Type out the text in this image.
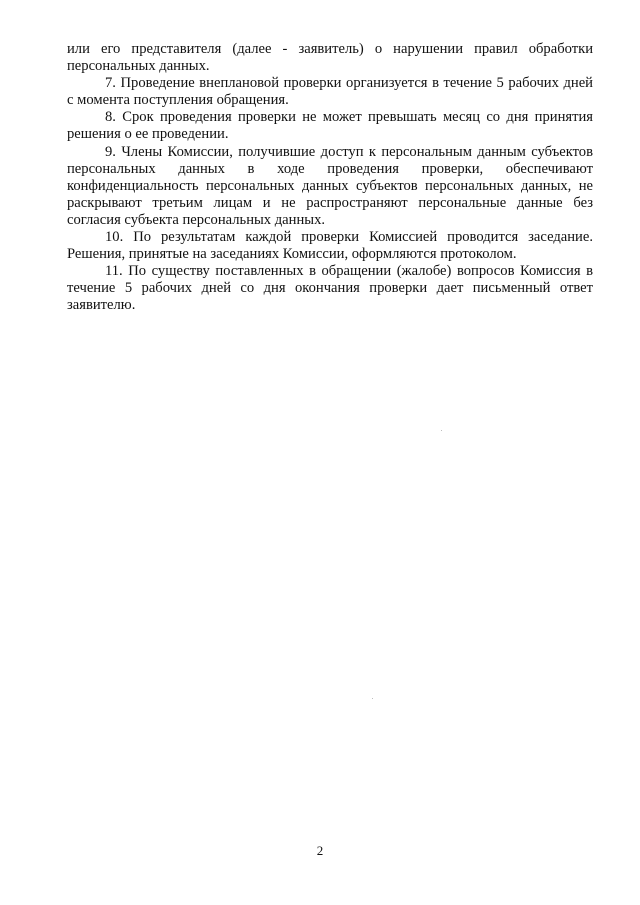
или его представителя (далее - заявитель) о нарушении правил обработки персональных данных.

7. Проведение внеплановой проверки организуется в течение 5 рабочих дней с момента поступления обращения.

8. Срок проведения проверки не может превышать месяц со дня принятия решения о ее проведении.

9. Члены Комиссии, получившие доступ к персональным данным субъектов персональных данных в ходе проведения проверки, обеспечивают конфиденциальность персональных данных субъектов персональных данных, не раскрывают третьим лицам и не распространяют персональные данные без согласия субъекта персональных данных.

10. По результатам каждой проверки Комиссией проводится заседание. Решения, принятые на заседаниях Комиссии, оформляются протоколом.

11. По существу поставленных в обращении (жалобе) вопросов Комиссия в течение 5 рабочих дней со дня окончания проверки дает письменный ответ заявителю.

2
